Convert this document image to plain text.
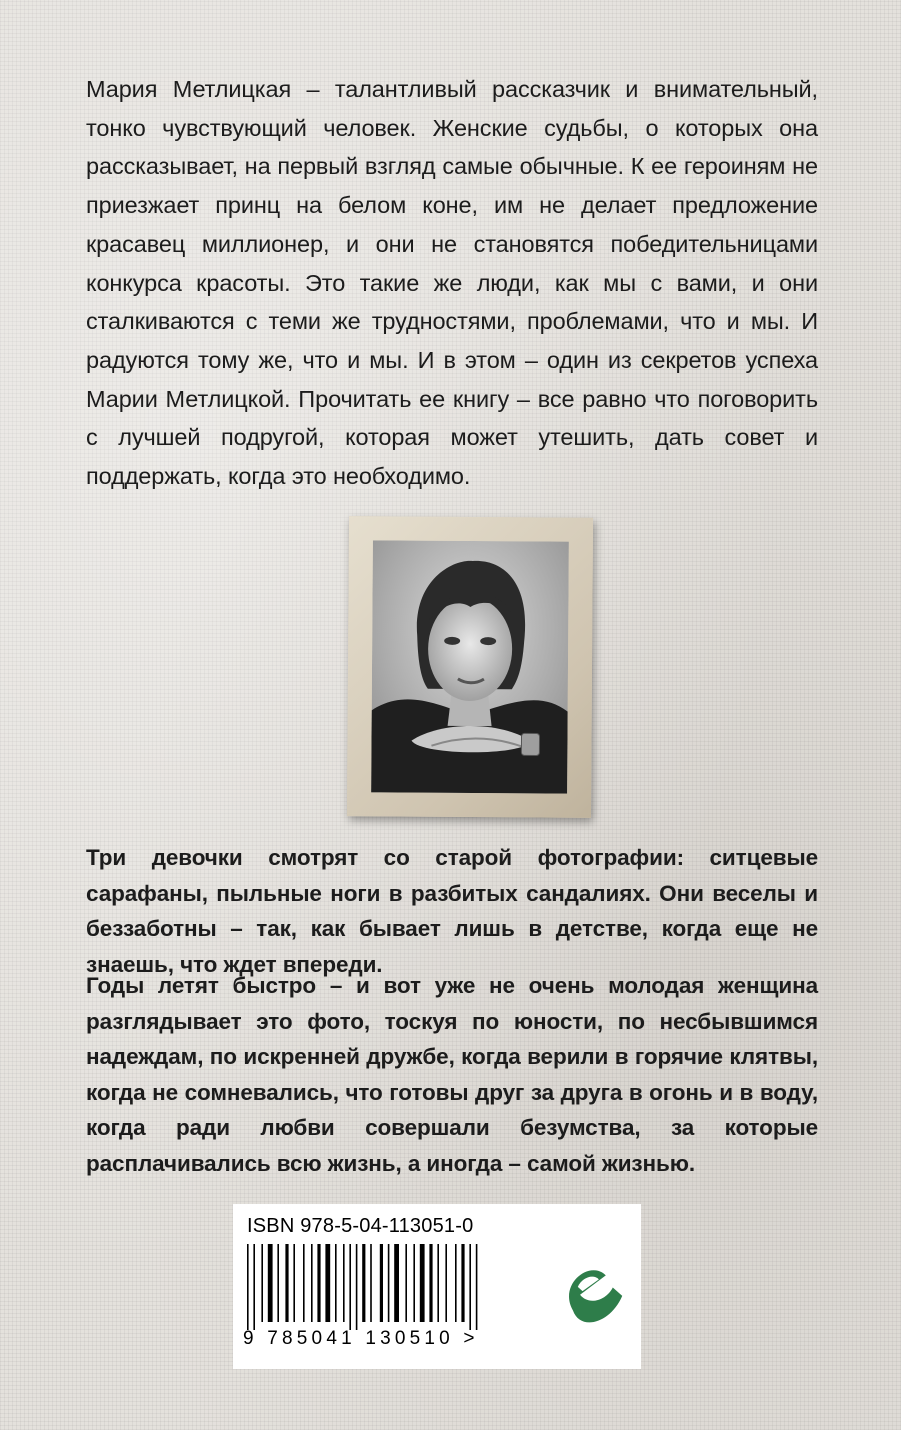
Мария Метлицкая – талантливый рассказчик и внимательный, тонко чувствующий человек. Женские судьбы, о которых она рассказывает, на первый взгляд самые обычные. К ее героиням не приезжает принц на белом коне, им не делает предложение красавец миллионер, и они не становятся победительницами конкурса красоты. Это такие же люди, как мы с вами, и они сталкиваются с теми же трудностями, проблемами, что и мы. И радуются тому же, что и мы. И в этом – один из секретов успеха Марии Метлицкой. Прочитать ее книгу – все равно что поговорить с лучшей подругой, которая может утешить, дать совет и поддержать, когда это необходимо.

Три девочки смотрят со старой фотографии: ситцевые сарафаны, пыльные ноги в разбитых сандалиях. Они веселы и беззаботны – так, как бывает лишь в детстве, когда еще не знаешь, что ждет впереди.

Годы летят быстро – и вот уже не очень молодая женщина разглядывает это фото, тоскуя по юности, по несбывшимся надеждам, по искренней дружбе, когда верили в горячие клятвы, когда не сомневались, что готовы друг за друга в огонь и в воду, когда ради любви совершали безумства, за которые расплачивались всю жизнь, а иногда – самой жизнью.

ISBN 978-5-04-113051-0
9 785041 130510 >
